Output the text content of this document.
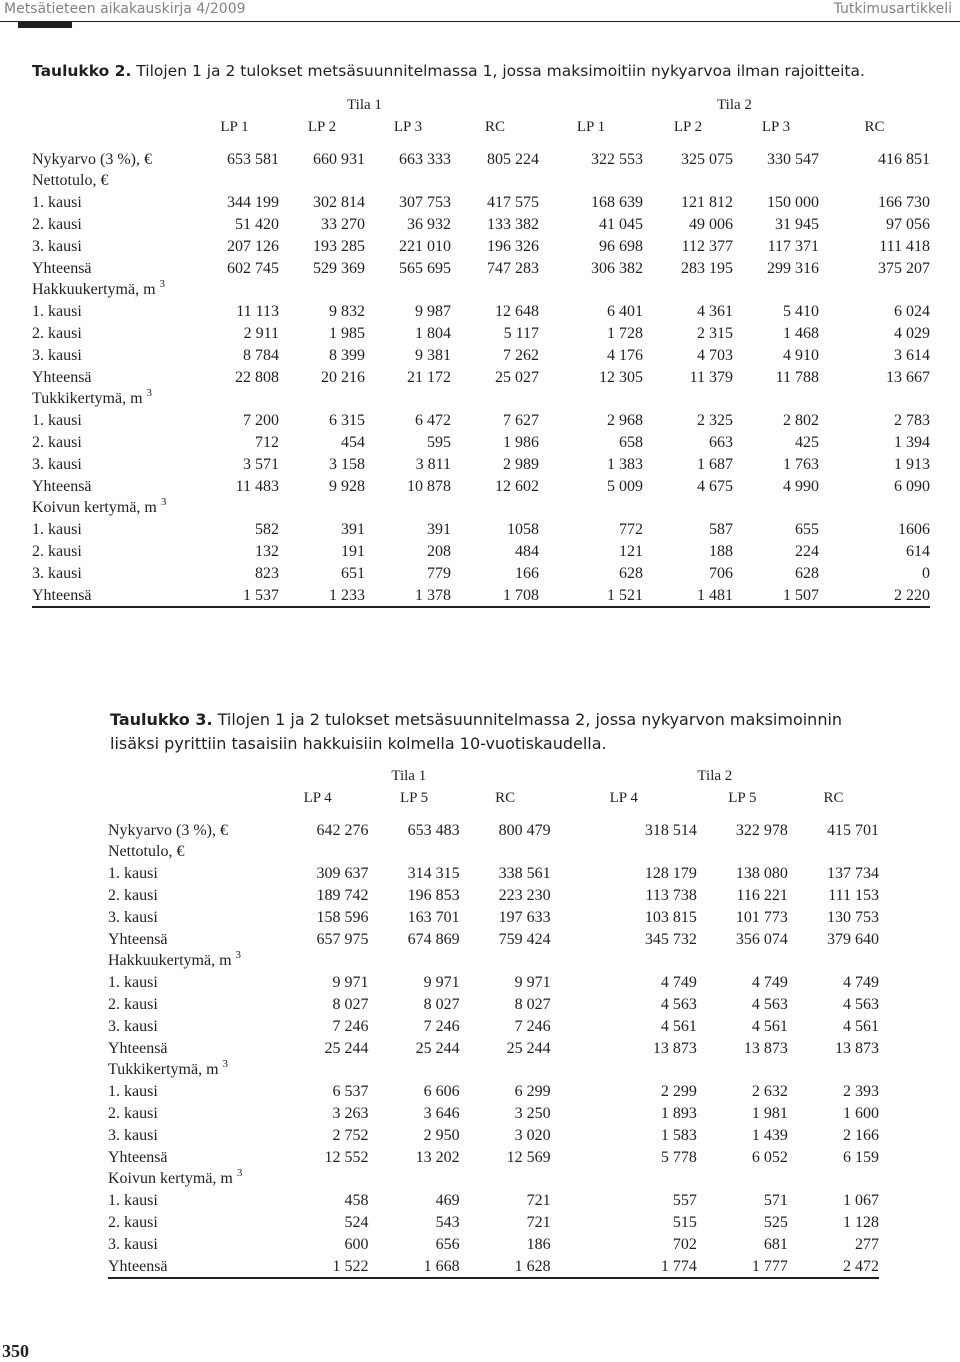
Metsätieteen aikakauskirja 4/2009	Tutkimusartikkeli
Taulukko 2. Tilojen 1 ja 2 tulokset metsäsuunnitelmassa 1, jossa maksimoitiin nykyarvoa ilman rajoitteita.
	Tila 1				Tila 2			
	LP 1	LP 2	LP 3	RC	LP 1	LP 2	LP 3	RC

Nykyarvo (3 %), €	653 581	660 931	663 333	805 224	322 553	325 075	330 547	416 851
Nettotulo, €								
1. kausi	344 199	302 814	307 753	417 575	168 639	121 812	150 000	166 730
2. kausi	51 420	33 270	36 932	133 382	41 045	49 006	31 945	97 056
3. kausi	207 126	193 285	221 010	196 326	96 698	112 377	117 371	111 418
Yhteensä	602 745	529 369	565 695	747 283	306 382	283 195	299 316	375 207
Hakkuukertymä, m $^3$								
1. kausi	11 113	9 832	9 987	12 648	6 401	4 361	5 410	6 024
2. kausi	2 911	1 985	1 804	5 117	1 728	2 315	1 468	4 029
3. kausi	8 784	8 399	9 381	7 262	4 176	4 703	4 910	3 614
Yhteensä	22 808	20 216	21 172	25 027	12 305	11 379	11 788	13 667
Tukkikertymä, m $^3$								
1. kausi	7 200	6 315	6 472	7 627	2 968	2 325	2 802	2 783
2. kausi	712	454	595	1 986	658	663	425	1 394
3. kausi	3 571	3 158	3 811	2 989	1 383	1 687	1 763	1 913
Yhteensä	11 483	9 928	10 878	12 602	5 009	4 675	4 990	6 090
Koivun kertymä, m $^3$								
1. kausi	582	391	391	1058	772	587	655	1606
2. kausi	132	191	208	484	121	188	224	614
3. kausi	823	651	779	166	628	706	628	0
Yhteensä	1 537	1 233	1 378	1 708	1 521	1 481	1 507	2 220
Taulukko 3. Tilojen 1 ja 2 tulokset metsäsuunnitelmassa 2, jossa nykyarvon maksimoinnin lisäksi pyrittiin tasaisiin hakkuisiin kolmella 10-vuotiskaudella.
	Tila 1			Tila 2		
	LP 4	LP 5	RC	LP 4	LP 5	RC

Nykyarvo (3 %), €	642 276	653 483	800 479	318 514	322 978	415 701
Nettotulo, €						
1. kausi	309 637	314 315	338 561	128 179	138 080	137 734
2. kausi	189 742	196 853	223 230	113 738	116 221	111 153
3. kausi	158 596	163 701	197 633	103 815	101 773	130 753
Yhteensä	657 975	674 869	759 424	345 732	356 074	379 640
Hakkuukertymä, m $^3$						
1. kausi	9 971	9 971	9 971	4 749	4 749	4 749
2. kausi	8 027	8 027	8 027	4 563	4 563	4 563
3. kausi	7 246	7 246	7 246	4 561	4 561	4 561
Yhteensä	25 244	25 244	25 244	13 873	13 873	13 873
Tukkikertymä, m $^3$						
1. kausi	6 537	6 606	6 299	2 299	2 632	2 393
2. kausi	3 263	3 646	3 250	1 893	1 981	1 600
3. kausi	2 752	2 950	3 020	1 583	1 439	2 166
Yhteensä	12 552	13 202	12 569	5 778	6 052	6 159
Koivun kertymä, m $^3$						
1. kausi	458	469	721	557	571	1 067
2. kausi	524	543	721	515	525	1 128
3. kausi	600	656	186	702	681	277
Yhteensä	1 522	1 668	1 628	1 774	1 777	2 472
350
